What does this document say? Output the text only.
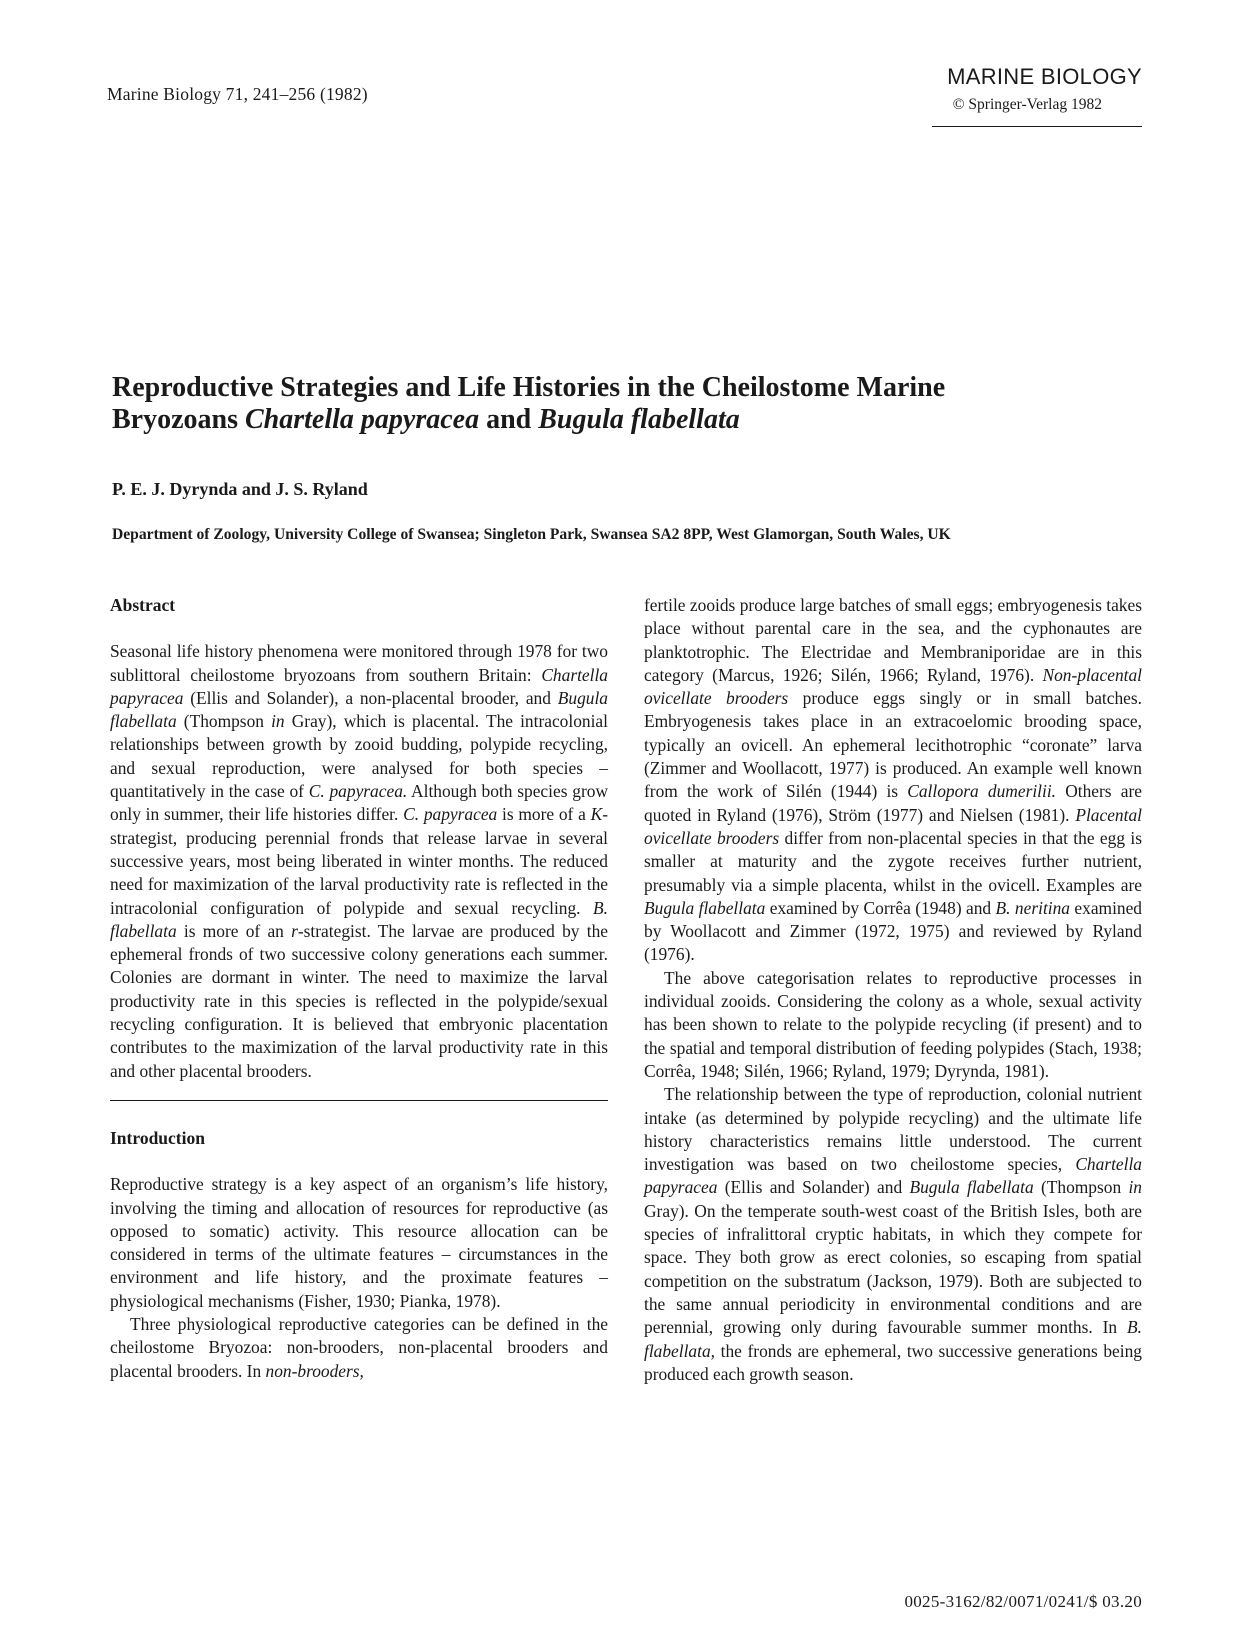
Marine Biology 71, 241–256 (1982)
MARINE BIOLOGY
© Springer-Verlag 1982
Reproductive Strategies and Life Histories in the Cheilostome Marine
Bryozoans Chartella papyracea and Bugula flabellata
P. E. J. Dyrynda and J. S. Ryland
Department of Zoology, University College of Swansea; Singleton Park, Swansea SA2 8PP, West Glamorgan, South Wales, UK

Abstract

Seasonal life history phenomena were monitored through 1978 for two sublittoral cheilostome bryozoans from southern Britain: Chartella papyracea (Ellis and Solander), a non-placental brooder, and Bugula flabellata (Thompson in Gray), which is placental. The intracolonial relationships between growth by zooid budding, polypide recycling, and sexual reproduction, were analysed for both species – quantitatively in the case of C. papyracea. Although both species grow only in summer, their life histories differ. C. papyracea is more of a K-strategist, producing perennial fronds that release larvae in several successive years, most being liberated in winter months. The reduced need for maximization of the larval productivity rate is reflected in the intracolonial configuration of polypide and sexual recycling. B. flabellata is more of an r-strategist. The larvae are produced by the ephemeral fronds of two successive colony generations each summer. Colonies are dormant in winter. The need to maximize the larval productivity rate in this species is reflected in the polypide/sexual recycling configuration. It is believed that embryonic placentation contributes to the maximization of the larval productivity rate in this and other placental brooders.

Introduction

Reproductive strategy is a key aspect of an organism’s life history, involving the timing and allocation of resources for reproductive (as opposed to somatic) activity. This resource allocation can be considered in terms of the ultimate features – circumstances in the environment and life history, and the proximate features – physiological mechanisms (Fisher, 1930; Pianka, 1978).

Three physiological reproductive categories can be defined in the cheilostome Bryozoa: non-brooders, non-placental brooders and placental brooders. In non-brooders,

fertile zooids produce large batches of small eggs; embryogenesis takes place without parental care in the sea, and the cyphonautes are planktotrophic. The Electridae and Membraniporidae are in this category (Marcus, 1926; Silén, 1966; Ryland, 1976). Non-placental ovicellate brooders produce eggs singly or in small batches. Embryogenesis takes place in an extracoelomic brooding space, typically an ovicell. An ephemeral lecithotrophic “coronate” larva (Zimmer and Woollacott, 1977) is produced. An example well known from the work of Silén (1944) is Callopora dumerilii. Others are quoted in Ryland (1976), Ström (1977) and Nielsen (1981). Placental ovicellate brooders differ from non-placental species in that the egg is smaller at maturity and the zygote receives further nutrient, presumably via a simple placenta, whilst in the ovicell. Examples are Bugula flabellata examined by Corrêa (1948) and B. neritina examined by Woollacott and Zimmer (1972, 1975) and reviewed by Ryland (1976).

The above categorisation relates to reproductive processes in individual zooids. Considering the colony as a whole, sexual activity has been shown to relate to the polypide recycling (if present) and to the spatial and temporal distribution of feeding polypides (Stach, 1938; Corrêa, 1948; Silén, 1966; Ryland, 1979; Dyrynda, 1981).

The relationship between the type of reproduction, colonial nutrient intake (as determined by polypide recycling) and the ultimate life history characteristics remains little understood. The current investigation was based on two cheilostome species, Chartella papyracea (Ellis and Solander) and Bugula flabellata (Thompson in Gray). On the temperate south-west coast of the British Isles, both are species of infralittoral cryptic habitats, in which they compete for space. They both grow as erect colonies, so escaping from spatial competition on the substratum (Jackson, 1979). Both are subjected to the same annual periodicity in environmental conditions and are perennial, growing only during favourable summer months. In B. flabellata, the fronds are ephemeral, two successive generations being produced each growth season.

0025-3162/82/0071/0241/$ 03.20
